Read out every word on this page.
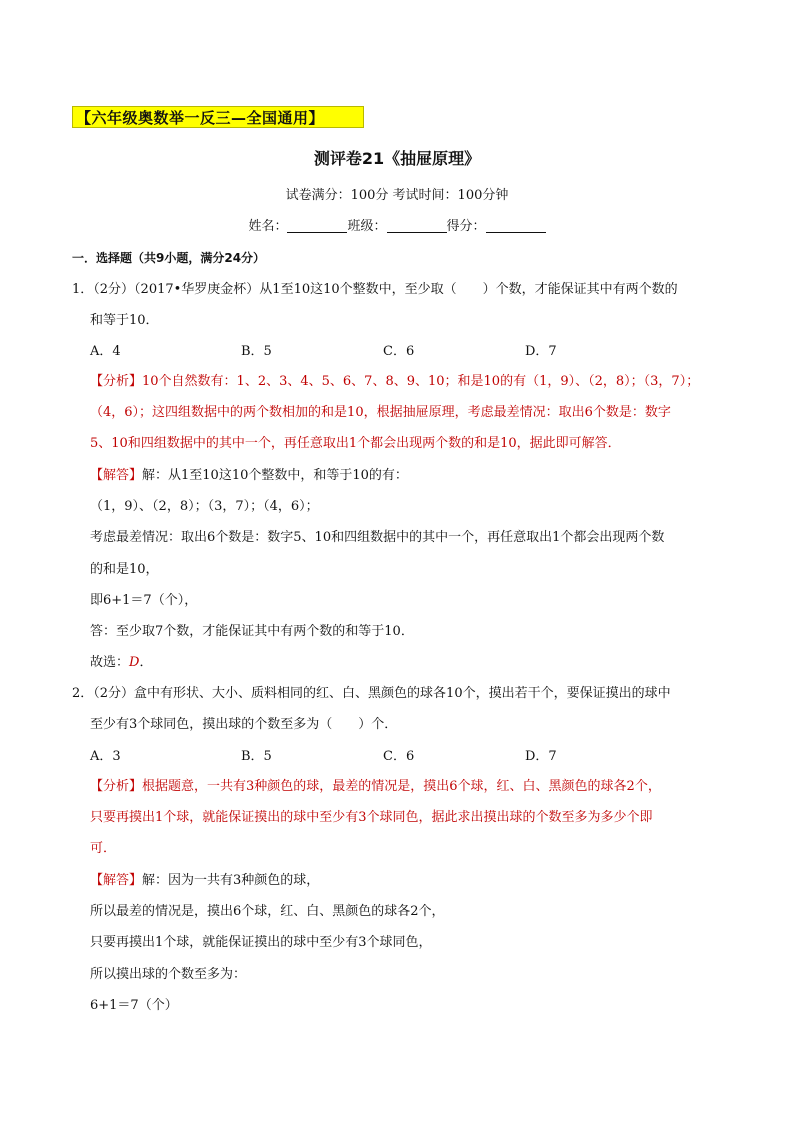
【六年级奥数举一反三—全国通用】
测评卷21《抽屉原理》
试卷满分：100分 考试时间：100分钟
姓名：	班级：	得分：
一．选择题（共9小题，满分24分）
1．（2分）（2017•华罗庚金杯）从1至10这10个整数中，至少取（　　）个数，才能保证其中有两个数的
和等于10．
A．4	B．5	C．6	D．7
【分析】10个自然数有：1、2、3、4、5、6、7、8、9、10；和是10的有（1，9）、（2，8）；（3，7）；
（4，6）；这四组数据中的两个数相加的和是10，根据抽屉原理，考虑最差情况：取出6个数是：数字
5、10和四组数据中的其中一个，再任意取出1个都会出现两个数的和是10，据此即可解答．
【解答】解：从1至10这10个整数中，和等于10的有：
（1，9）、（2，8）；（3，7）；（4，6）；
考虑最差情况：取出6个数是：数字5、10和四组数据中的其中一个，再任意取出1个都会出现两个数
的和是10，
即6+1＝7（个），
答：至少取7个数，才能保证其中有两个数的和等于10．
故选：D．
2．（2分）盒中有形状、大小、质料相同的红、白、黑颜色的球各10个，摸出若干个，要保证摸出的球中
至少有3个球同色，摸出球的个数至多为（　　）个．
A．3	B．5	C．6	D．7
【分析】根据题意，一共有3种颜色的球，最差的情况是，摸出6个球，红、白、黑颜色的球各2个，
只要再摸出1个球，就能保证摸出的球中至少有3个球同色，据此求出摸出球的个数至多为多少个即
可．
【解答】解：因为一共有3种颜色的球，
所以最差的情况是，摸出6个球，红、白、黑颜色的球各2个，
只要再摸出1个球，就能保证摸出的球中至少有3个球同色，
所以摸出球的个数至多为：
6+1＝7（个）
